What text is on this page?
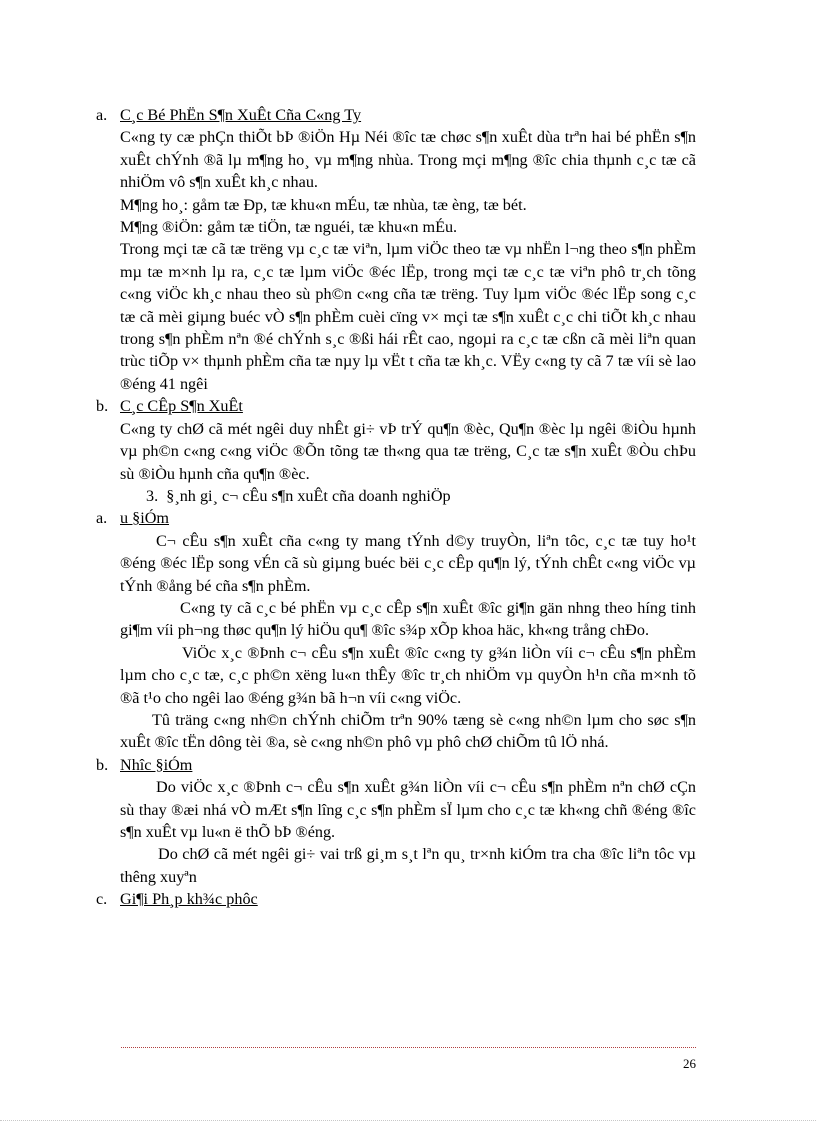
a. C¸c Bé PhËn S¶n XuÊt Cña C«ng Ty
C«ng ty cæ phÇn thiÕt bÞ ®iÖn Hµ Néi ®îc tæ chøc s¶n xuÊt dùa trªn hai bé phËn s¶n xuÊt chÝnh ®ã lµ m¶ng ho¸ vµ m¶ng nhùa. Trong mçi m¶ng ®îc chia thµnh c¸c tæ cã nhiÖm vô s¶n xuÊt kh¸c nhau.
M¶ng ho¸: gåm tæ Ðp, tæ khu«n mÉu, tæ nhùa, tæ èng, tæ bét.
M¶ng ®iÖn: gåm tæ tiÖn, tæ nguéi, tæ khu«n mÉu.
Trong mçi tæ cã tæ trëng vµ c¸c tæ viªn, lµm viÖc theo tæ vµ nhËn l¬ng theo s¶n phÈm mµ tæ m×nh lµ ra, c¸c tæ lµm viÖc ®éc lËp, trong mçi tæ c¸c tæ viªn phô tr¸ch tõng c«ng viÖc kh¸c nhau theo sù ph©n c«ng cña tæ trëng. Tuy lµm viÖc ®éc lËp song c¸c tæ cã mèi giµng buéc vÒ s¶n phÈm cuèi cïng v× mçi tæ s¶n xuÊt c¸c chi tiÕt kh¸c nhau trong s¶n phÈm nªn ®é chÝnh s¸c ®ßi hái rÊt cao, ngoµi ra c¸c tæ cßn cã mèi liªn quan trùc tiÕp v× thµnh phÈm cña tæ nµy lµ vËt t cña tæ kh¸c. VËy c«ng ty cã 7 tæ víi sè lao ®éng 41 ngêi
b. C¸c CÊp S¶n XuÊt
C«ng ty chØ cã mét ngêi duy nhÊt gi÷ vÞ trÝ qu¶n ®èc, Qu¶n ®èc lµ ngêi ®iÒu hµnh vµ ph©n c«ng c«ng viÖc ®Õn tõng tæ th«ng qua tæ trëng, C¸c tæ s¶n xuÊt ®Òu chÞu sù ®iÒu hµnh cña qu¶n ®èc.
3. §¸nh gi¸ c¬ cÊu s¶n xuÊt cña doanh nghiÖp
a. u §iÓm
C¬ cÊu s¶n xuÊt cña c«ng ty mang tÝnh d©y truyÒn, liªn tôc, c¸c tæ tuy ho¹t ®éng ®éc lËp song vÉn cã sù giµng buéc bëi c¸c cÊp qu¶n lý, tÝnh chÊt c«ng viÖc vµ tÝnh ®ång bé cña s¶n phÈm.
C«ng ty cã c¸c bé phËn vµ c¸c cÊp s¶n xuÊt ®îc gi¶n gän nhng theo híng tinh gi¶m víi ph¬ng thøc qu¶n lý hiÖu qu¶ ®îc s¾p xÕp khoa häc, kh«ng trång chÐo.
ViÖc x¸c ®Þnh c¬ cÊu s¶n xuÊt ®îc c«ng ty g¾n liÒn víi c¬ cÊu s¶n phÈm lµm cho c¸c tæ, c¸c ph©n xëng lu«n thÊy ®îc tr¸ch nhiÖm vµ quyÒn h¹n cña m×nh tõ ®ã t¹o cho ngêi lao ®éng g¾n bã h¬n víi c«ng viÖc.
Tû träng c«ng nh©n chÝnh chiÕm trªn 90% tæng sè c«ng nh©n lµm cho søc s¶n xuÊt ®îc tËn dông tèi ®a, sè c«ng nh©n phô vµ phô chØ chiÕm tû lÖ nhá.
b. Nhîc §iÓm
Do viÖc x¸c ®Þnh c¬ cÊu s¶n xuÊt g¾n liÒn víi c¬ cÊu s¶n phÈm nªn chØ cÇn sù thay ®æi nhá vÒ mÆt s¶n lîng c¸c s¶n phÈm sÏ lµm cho c¸c tæ kh«ng chñ ®éng ®îc s¶n xuÊt vµ lu«n ë thÕ bÞ ®éng.
Do chØ cã mét ngêi gi÷ vai trß gi¸m s¸t lªn qu¸ tr×nh kiÓm tra cha ®îc liªn tôc vµ thêng xuyªn
c. Gi¶i Ph¸p kh¾c phôc
26
